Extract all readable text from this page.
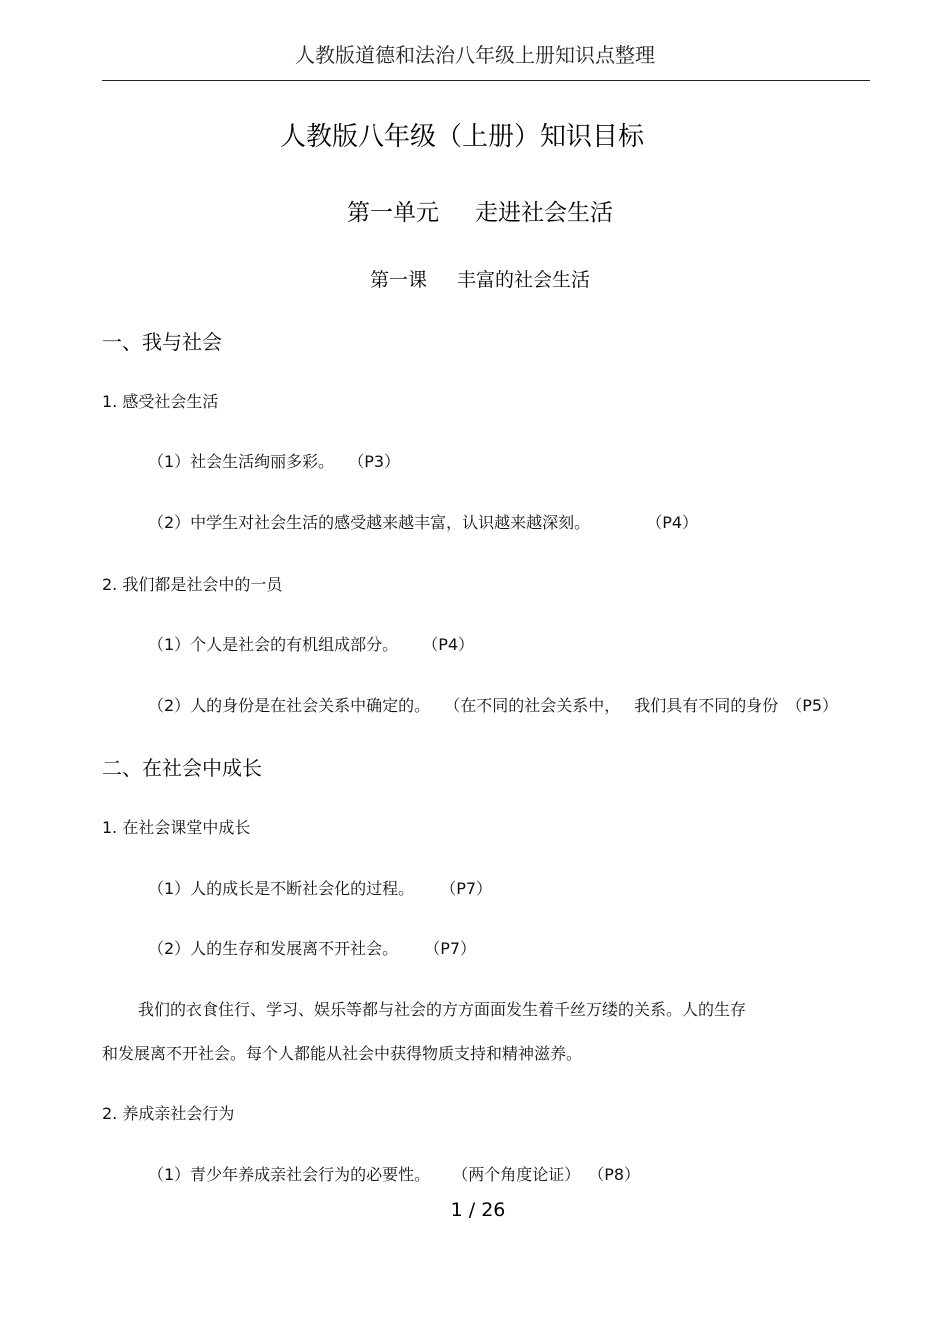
人教版道德和法治八年级上册知识点整理
人教版八年级（上册）知识目标
第一单元 走进社会生活
第一课 丰富的社会生活
一、我与社会
1. 感受社会生活
（1）社会生活绚丽多彩。 （P3）
（2）中学生对社会生活的感受越来越丰富，认识越来越深刻。	（P4）
2. 我们都是社会中的一员
（1）个人是社会的有机组成部分。 （P4）
（2）人的身份是在社会关系中确定的。 （在不同的社会关系中， 我们具有不同的身份 （P5）
二、在社会中成长
1. 在社会课堂中成长
（1）人的成长是不断社会化的过程。 （P7）
（2）人的生存和发展离不开社会。 （P7）
我们的衣食住行、学习、娱乐等都与社会的方方面面发生着千丝万缕的关系。人的生存
和发展离不开社会。每个人都能从社会中获得物质支持和精神滋养。
2. 养成亲社会行为
（1）青少年养成亲社会行为的必要性。 （两个角度论证） （P8）
1 / 26
